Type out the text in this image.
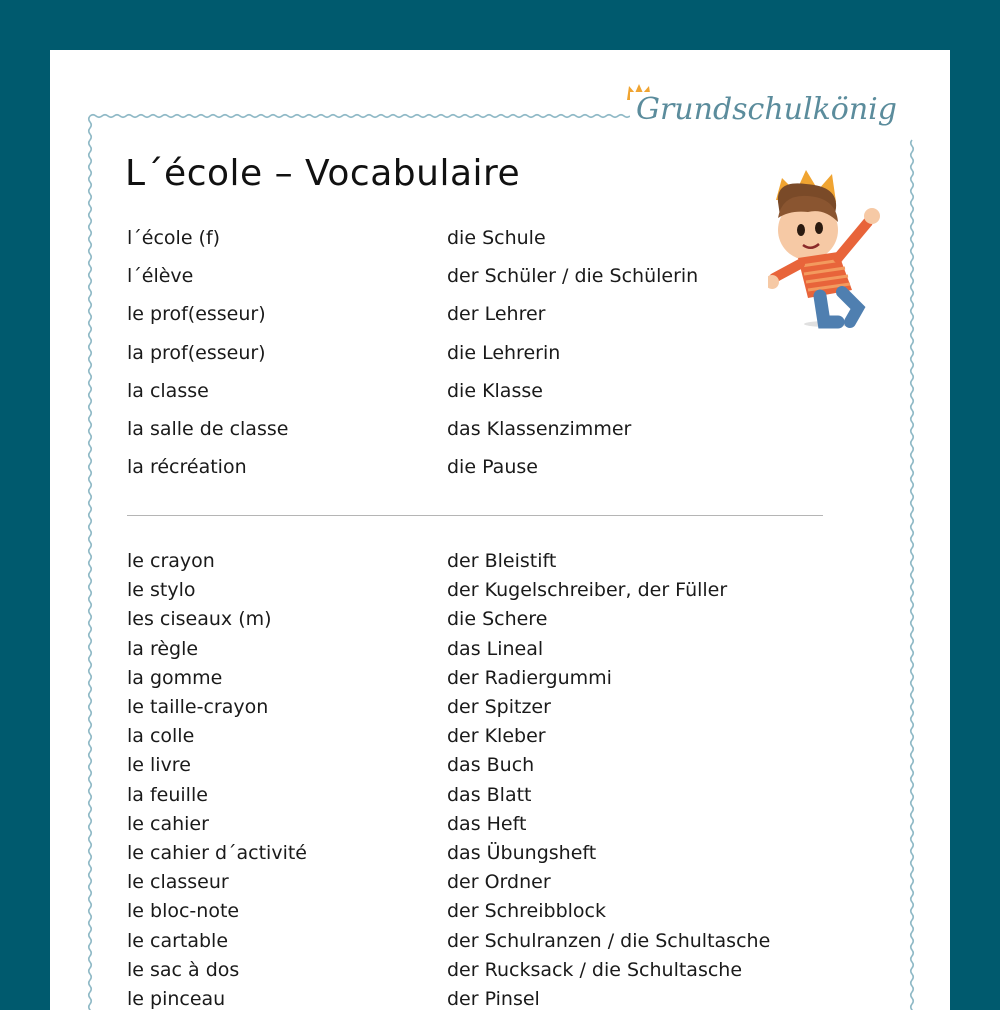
Grundschulkönig
L´école – Vocabulaire
l´école (f)	die Schule
l´élève	der Schüler / die Schülerin
le prof(esseur)	der Lehrer
la prof(esseur)	die Lehrerin
la classe	die Klasse
la salle de classe	das Klassenzimmer
la récréation	die Pause
le crayon	der Bleistift
le stylo	der Kugelschreiber, der Füller
les ciseaux (m)	die Schere
la règle	das Lineal
la gomme	der Radiergummi
le taille-crayon	der Spitzer
la colle	der Kleber
le livre	das Buch
la feuille	das Blatt
le cahier	das Heft
le cahier d´activité	das Übungsheft
le classeur	der Ordner
le bloc-note	der Schreibblock
le cartable	der Schulranzen / die Schultasche
le sac à dos	der Rucksack / die Schultasche
le pinceau	der Pinsel
